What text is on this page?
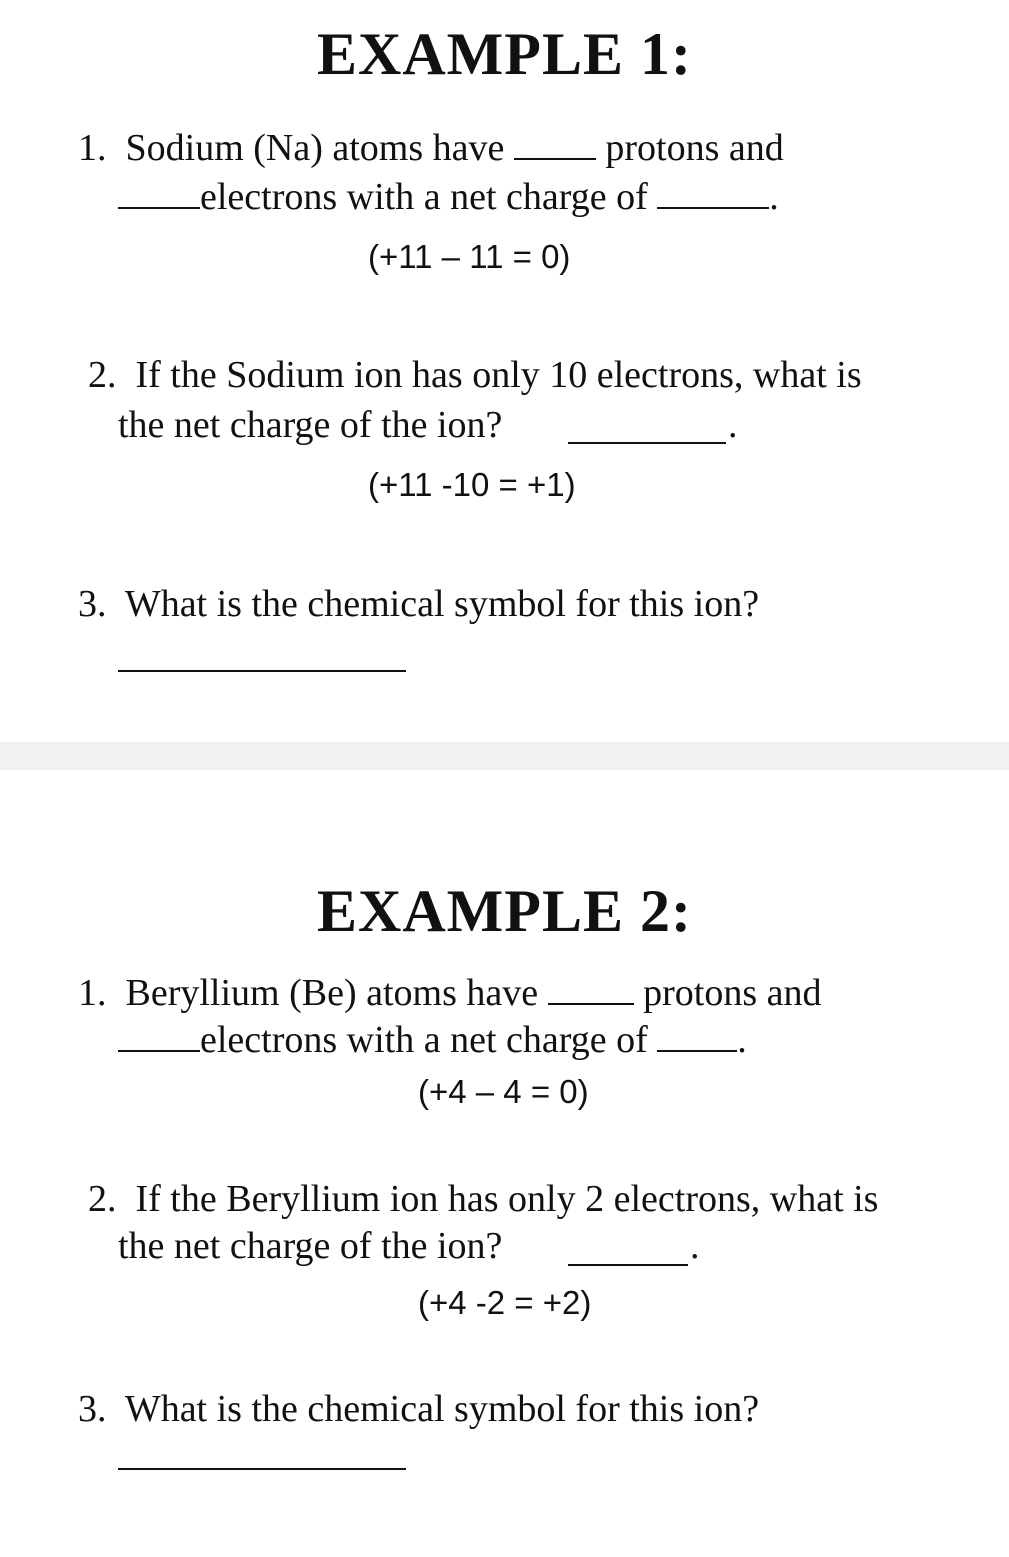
EXAMPLE 1:
1. Sodium (Na) atoms have	protons and
electrons with a net charge of	.
(+11 – 11 = 0)
2. If the Sodium ion has only 10 electrons, what is
the net charge of the ion?	.
(+11 -10 = +1)
3. What is the chemical symbol for this ion?
EXAMPLE 2:
1. Beryllium (Be) atoms have	protons and
electrons with a net charge of .
(+4 – 4 = 0)
2. If the Beryllium ion has only 2 electrons, what is
the net charge of the ion?	.
(+4 -2 = +2)
3. What is the chemical symbol for this ion?
